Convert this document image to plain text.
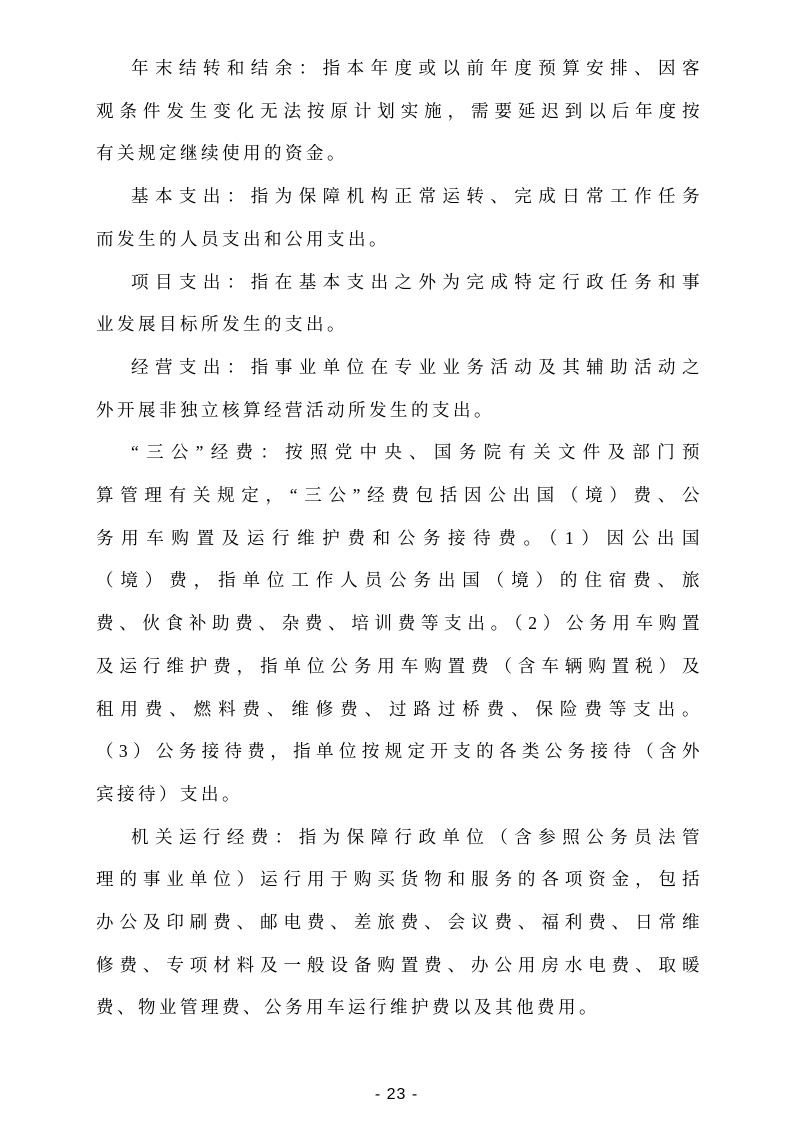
年末结转和结余：指本年度或以前年度预算安排、因客
观条件发生变化无法按原计划实施，需要延迟到以后年度按
有关规定继续使用的资金。

基本支出：指为保障机构正常运转、完成日常工作任务
而发生的人员支出和公用支出。

项目支出：指在基本支出之外为完成特定行政任务和事
业发展目标所发生的支出。

经营支出：指事业单位在专业业务活动及其辅助活动之
外开展非独立核算经营活动所发生的支出。

“三公”经费：按照党中央、国务院有关文件及部门预
算管理有关规定，“三公”经费包括因公出国（境）费、公
务用车购置及运行维护费和公务接待费。（1）因公出国
（境）费，指单位工作人员公务出国（境）的住宿费、旅
费、伙食补助费、杂费、培训费等支出。（2）公务用车购置
及运行维护费，指单位公务用车购置费（含车辆购置税）及
租用费、燃料费、维修费、过路过桥费、保险费等支出。
（3）公务接待费，指单位按规定开支的各类公务接待（含外
宾接待）支出。

机关运行经费：指为保障行政单位（含参照公务员法管
理的事业单位）运行用于购买货物和服务的各项资金，包括
办公及印刷费、邮电费、差旅费、会议费、福利费、日常维
修费、专项材料及一般设备购置费、办公用房水电费、取暖
费、物业管理费、公务用车运行维护费以及其他费用。

- 23 -
